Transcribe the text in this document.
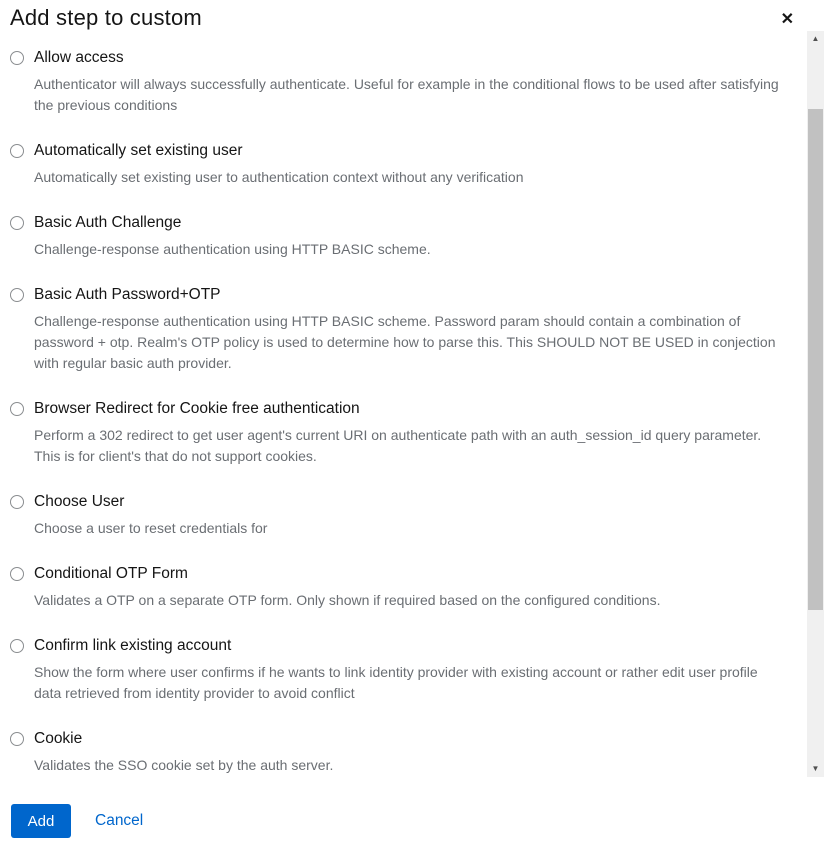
Add step to custom	✕
Allow access
Authenticator will always successfully authenticate. Useful for example in the conditional flows to be used after satisfying the previous conditions
Automatically set existing user
Automatically set existing user to authentication context without any verification
Basic Auth Challenge
Challenge-response authentication using HTTP BASIC scheme.
Basic Auth Password+OTP
Challenge-response authentication using HTTP BASIC scheme. Password param should contain a combination of password + otp. Realm's OTP policy is used to determine how to parse this. This SHOULD NOT BE USED in conjection with regular basic auth provider.
Browser Redirect for Cookie free authentication
Perform a 302 redirect to get user agent's current URI on authenticate path with an auth_session_id query parameter. This is for client's that do not support cookies.
Choose User
Choose a user to reset credentials for
Conditional OTP Form
Validates a OTP on a separate OTP form. Only shown if required based on the configured conditions.
Confirm link existing account
Show the form where user confirms if he wants to link identity provider with existing account or rather edit user profile data retrieved from identity provider to avoid conflict
Cookie
Validates the SSO cookie set by the auth server.
▲
▼
Add	Cancel
